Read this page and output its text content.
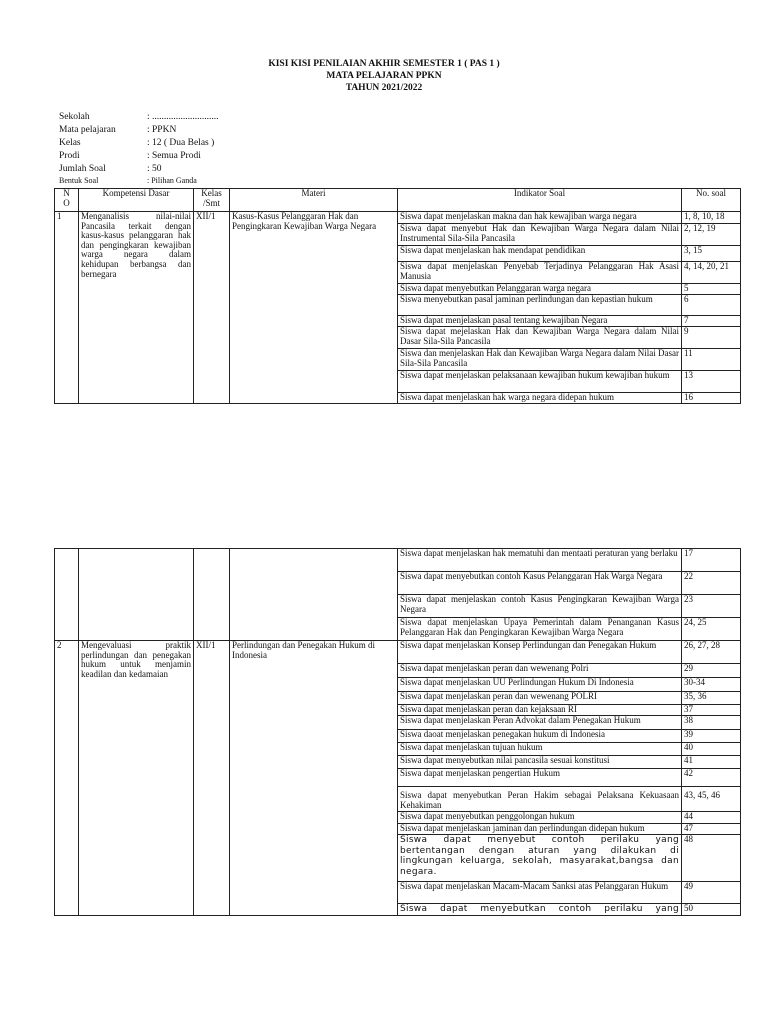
KISI KISI PENILAIAN AKHIR SEMESTER 1 ( PAS 1 )
MATA PELAJARAN PPKN
TAHUN 2021/2022
Sekolah	: ............................
Mata pelajaran	: PPKN
Kelas	: 12 ( Dua Belas )
Prodi	: Semua Prodi
Jumlah Soal	: 50
Bentuk Soal	: Pilihan Ganda
N O	Kompetensi Dasar	Kelas /Smt	Materi	Indikator Soal	No. soal
1	Menganalisis nilai-nilai Pancasila terkait dengan kasus-kasus pelanggaran hak dan pengingkaran kewajiban warga negara dalam kehidupan berbangsa dan bernegara	XII/1	Kasus-Kasus Pelanggaran Hak dan Pengingkaran Kewajiban Warga Negara	Siswa dapat menjelaskan makna dan hak kewajiban warga negara	1, 8, 10, 18
				Siswa dapat menyebut Hak dan Kewajiban Warga Negara dalam Nilai Instrumental Sila-Sila Pancasila	2, 12, 19
				Siswa dapat menjelaskan hak mendapat pendidikan	3, 15
				Siswa dapat menjelaskan Penyebab Terjadinya Pelanggaran Hak Asasi Manusia	4, 14, 20, 21
				Siswa dapat menyebutkan Pelanggaran warga negara	5
				Siswa menyebutkan pasal jaminan perlindungan dan kepastian hukum	6
				Siswa dapat menjelaskan pasal tentang kewajiban Negara	7
				Siswa dapat mejelaskan Hak dan Kewajiban Warga Negara dalam Nilai Dasar Sila-Sila Pancasila	9
				Siswa dan menjelaskan Hak dan Kewajiban Warga Negara dalam Nilai Dasar Sila-Sila Pancasila	11
				Siswa dapat menjelaskan pelaksanaan kewajiban hukum kewajiban hukum	13
				Siswa dapat menjelaskan hak warga negara didepan hukum	16
				Siswa dapat menjelaskan hak mematuhi dan mentaati peraturan yang berlaku	17
				Siswa dapat menyebutkan contoh Kasus Pelanggaran Hak Warga Negara	22
				Siswa dapat menjelaskan contoh Kasus Pengingkaran Kewajiban Warga Negara	23
				Siswa dapat menjelaskan Upaya Pemerintah dalam Penanganan Kasus Pelanggaran Hak dan Pengingkaran Kewajiban Warga Negara	24, 25
2	Mengevaluasi praktik perlindungan dan penegakan hukum untuk menjamin keadilan dan kedamaian	XII/1	Perlindungan dan Penegakan Hukum di Indonesia	Siswa dapat menjelaskan Konsep Perlindungan dan Penegakan Hukum	26, 27, 28
				Siswa dapat menjelaskan peran dan wewenang Polri	29
				Siswa dapat menjelaskan UU Perlindungan Hukum Di Indonesia	30-34
				Siswa dapat menjelaskan peran dan wewenang POLRI	35, 36
				Siswa dapat menjelaskan peran dan kejaksaan RI	37
				Siswa dapat menjelaskan Peran Advokat dalam Penegakan Hukum	38
				Siswa daoat menjelaskan penegakan hukum di Indonesia	39
				Siswa dapat menjelaskan tujuan hukum	40
				Siswa dapat menyebutkan nilai pancasila sesuai konstitusi	41
				Siswa dapat menjelaskan pengertian Hukum	42
				Siswa dapat menyebutkan Peran Hakim sebagai Pelaksana Kekuasaan Kehakiman	43, 45, 46
				Siswa dapat menyebutkan penggolongan hukum	44
				Siswa dapat menjelaskan jaminan dan perlindungan didepan hukum	47
				Siswa dapat menyebut contoh perilaku yang bertentangan dengan aturan yang dilakukan di lingkungan keluarga, sekolah, masyarakat,bangsa dan negara.	48
				Siswa dapat menjelaskan Macam-Macam Sanksi atas Pelanggaran Hukum	49
				Siswa dapat menyebutkan contoh perilaku yang	50
